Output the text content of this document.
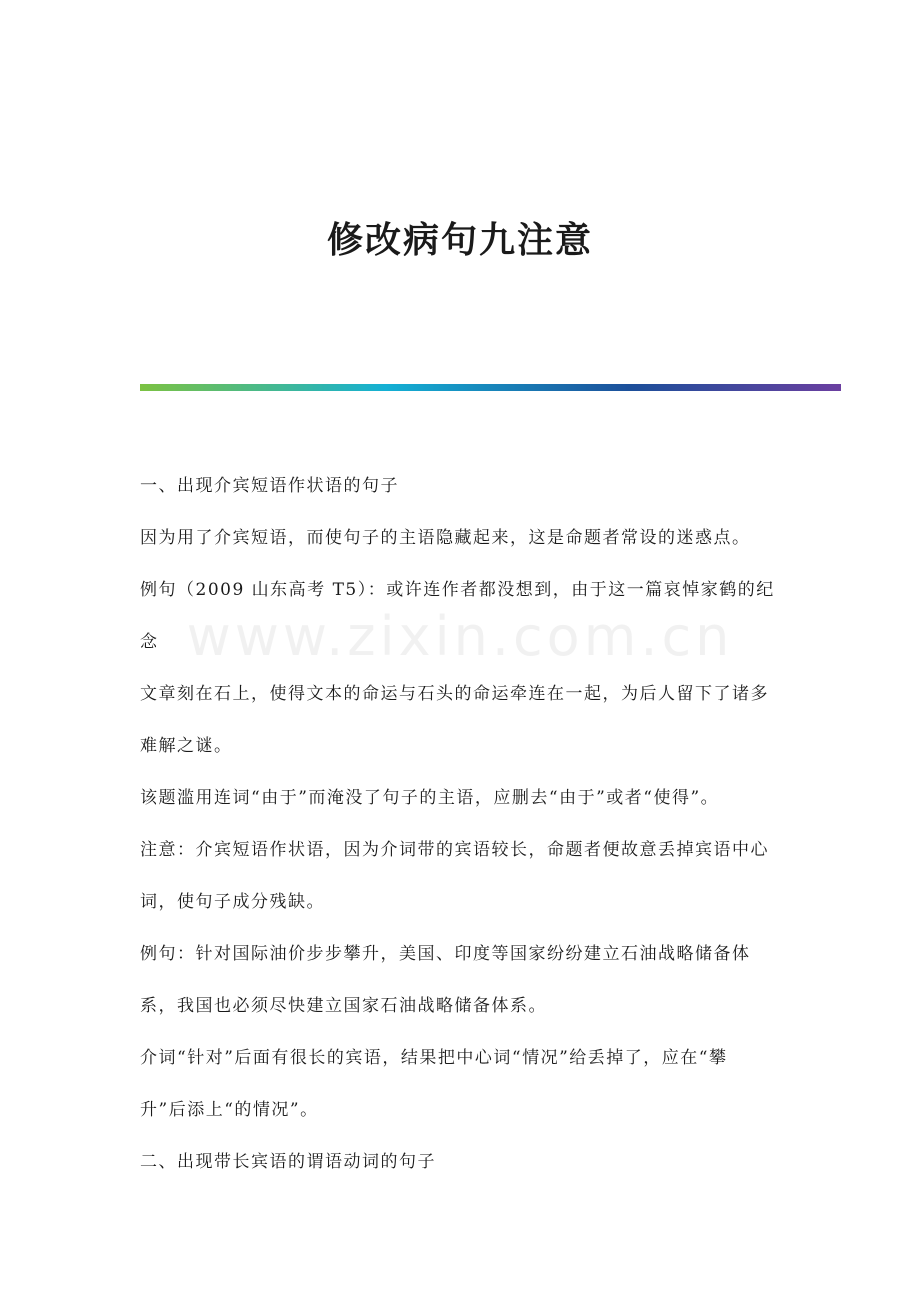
修改病句九注意
www.zixin.com.cn
一、出现介宾短语作状语的句子
因为用了介宾短语，而使句子的主语隐藏起来，这是命题者常设的迷惑点。
例句（2009 山东高考 T5）：或许连作者都没想到，由于这一篇哀悼家鹤的纪念
文章刻在石上，使得文本的命运与石头的命运牵连在一起，为后人留下了诸多
难解之谜。
该题滥用连词“由于”而淹没了句子的主语，应删去“由于”或者“使得”。
注意：介宾短语作状语，因为介词带的宾语较长，命题者便故意丢掉宾语中心
词，使句子成分残缺。
例句：针对国际油价步步攀升，美国、印度等国家纷纷建立石油战略储备体
系，我国也必须尽快建立国家石油战略储备体系。
介词“针对”后面有很长的宾语，结果把中心词“情况”给丢掉了，应在“攀
升”后添上“的情况”。
二、出现带长宾语的谓语动词的句子
